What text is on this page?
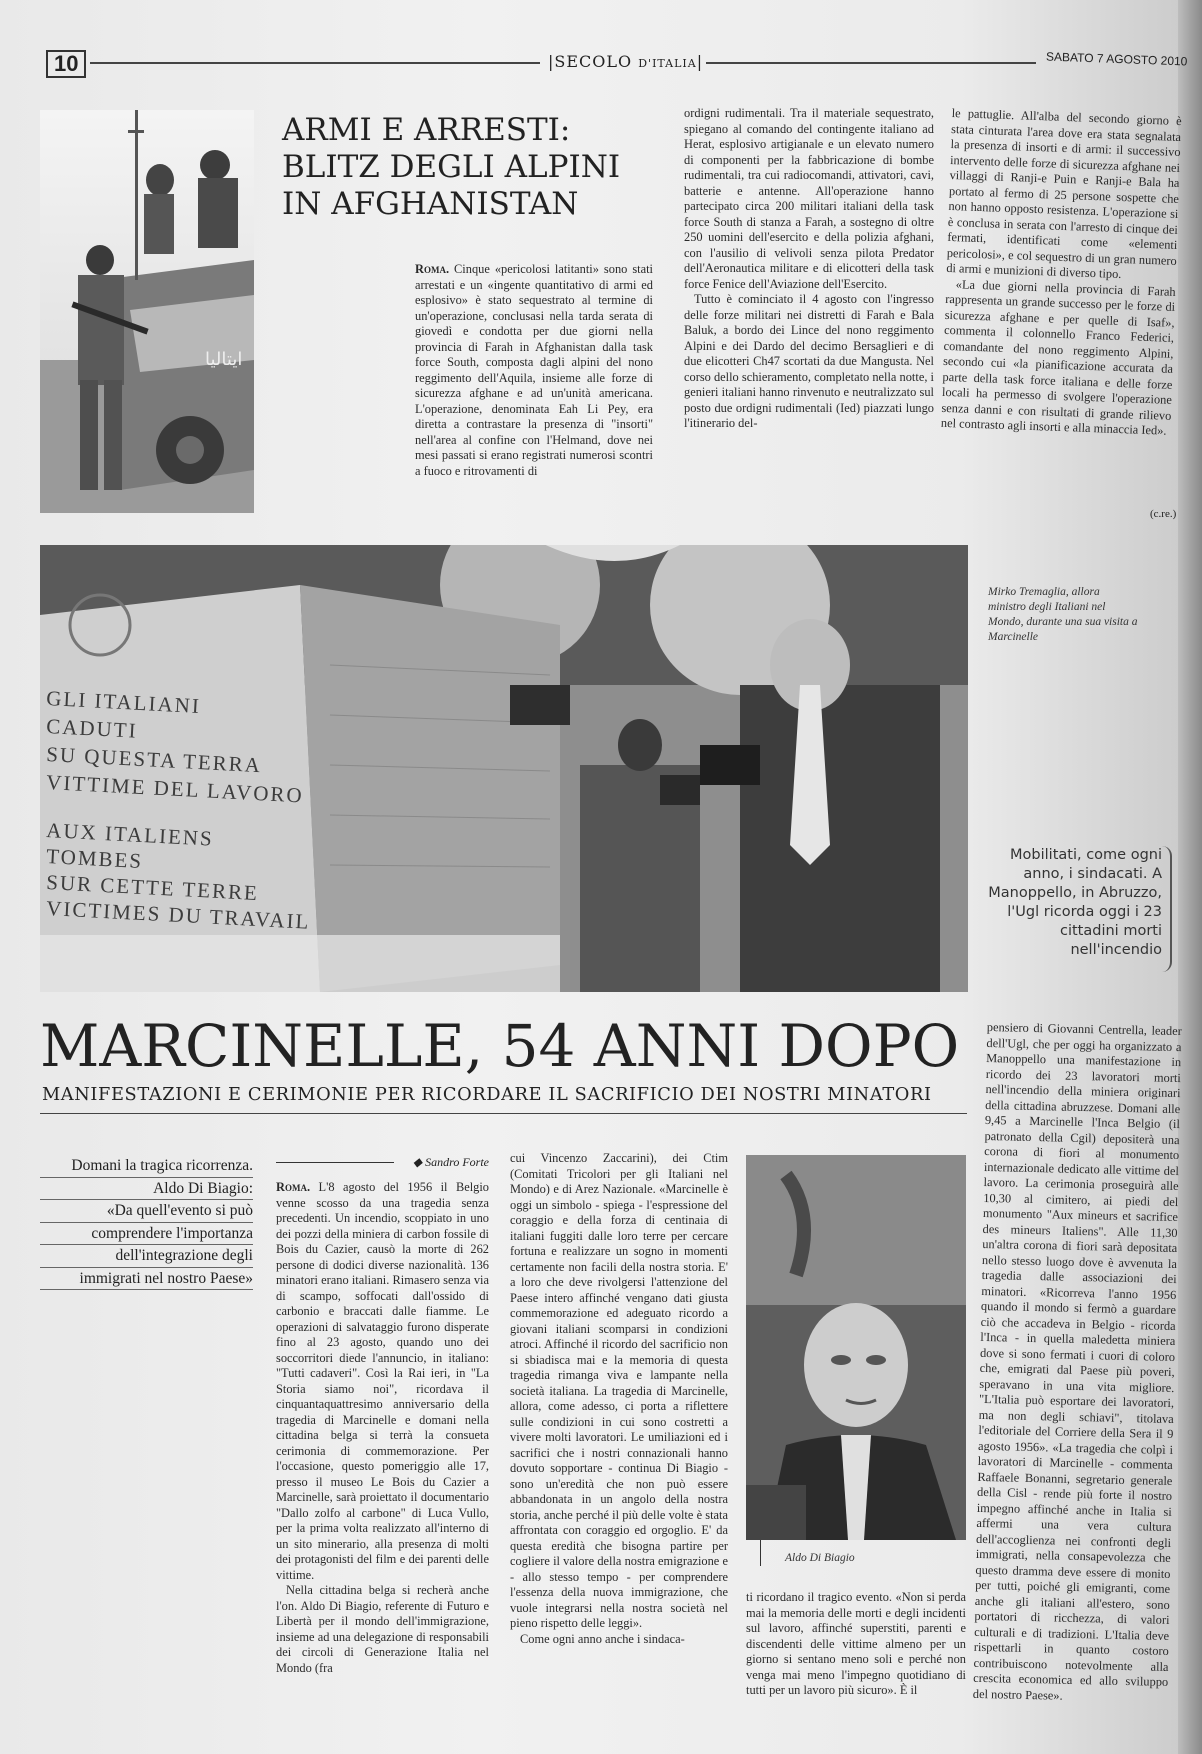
10	|SECOLO D'ITALIA|	SABATO 7 AGOSTO 2010
ايتاليا
ARMI E ARRESTI:
BLITZ DEGLI ALPINI
IN AFGHANISTAN

Roma. Cinque «pericolosi latitanti» sono stati arrestati e un «ingente quantitativo di armi ed esplosivo» è stato sequestrato al termine di un'operazione, conclusasi nella tarda serata di giovedì e condotta per due giorni nella provincia di Farah in Afghanistan dalla task force South, composta dagli alpini del nono reggimento dell'Aquila, insieme alle forze di sicurezza afghane e ad un'unità americana. L'operazione, denominata Eah Li Pey, era diretta a contrastare la presenza di "insorti" nell'area al confine con l'Helmand, dove nei mesi passati si erano registrati numerosi scontri a fuoco e ritrovamenti di

ordigni rudimentali. Tra il materiale sequestrato, spiegano al comando del contingente italiano ad Herat, esplosivo artigianale e un elevato numero di componenti per la fabbricazione di bombe rudimentali, tra cui radiocomandi, attivatori, cavi, batterie e antenne. All'operazione hanno partecipato circa 200 militari italiani della task force South di stanza a Farah, a sostegno di oltre 250 uomini dell'esercito e della polizia afghani, con l'ausilio di velivoli senza pilota Predator dell'Aeronautica militare e di elicotteri della task force Fenice dell'Aviazione dell'Esercito.

Tutto è cominciato il 4 agosto con l'ingresso delle forze militari nei distretti di Farah e Bala Baluk, a bordo dei Lince del nono reggimento Alpini e dei Dardo del decimo Bersaglieri e di due elicotteri Ch47 scortati da due Mangusta. Nel corso dello schieramento, completato nella notte, i genieri italiani hanno rinvenuto e neutralizzato sul posto due ordigni rudimentali (Ied) piazzati lungo l'itinerario del-

le pattuglie. All'alba del secondo giorno è stata cinturata l'area dove era stata segnalata la presenza di insorti e di armi: il successivo intervento delle forze di sicurezza afghane nei villaggi di Ranji-e Puin e Ranji-e Bala ha portato al fermo di 25 persone sospette che non hanno opposto resistenza. L'operazione si è conclusa in serata con l'arresto di cinque dei fermati, identificati come «elementi pericolosi», e col sequestro di un gran numero di armi e munizioni di diverso tipo.

«La due giorni nella provincia di Farah rappresenta un grande successo per le forze di sicurezza afghane e per quelle di Isaf», commenta il colonnello Franco Federici, comandante del nono reggimento Alpini, secondo cui «la pianificazione accurata da parte della task force italiana e delle forze locali ha permesso di svolgere l'operazione senza danni e con risultati di grande rilievo nel contrasto agli insorti e alla minaccia Ied».

(c.re.)
GLI ITALIANI
CADUTI
SU QUESTA TERRA
VITTIME DEL LAVORO
AUX ITALIENS
TOMBES
SUR CETTE TERRE
VICTIMES DU TRAVAIL
Mirko Tremaglia, allora ministro degli Italiani nel Mondo, durante una sua visita a Marcinelle
Mobilitati, come ogni anno, i sindacati. A Manoppello, in Abruzzo, l'Ugl ricorda oggi i 23 cittadini morti nell'incendio
MARCINELLE, 54 ANNI DOPO
MANIFESTAZIONI E CERIMONIE PER RICORDARE IL SACRIFICIO DEI NOSTRI MINATORI
Domani la tragica ricorrenza.
Aldo Di Biagio:
«Da quell'evento si può
comprendere l'importanza
dell'integrazione degli
immigrati nel nostro Paese»
◆ Sandro Forte

Roma. L'8 agosto del 1956 il Belgio venne scosso da una tragedia senza precedenti. Un incendio, scoppiato in uno dei pozzi della miniera di carbon fossile di Bois du Cazier, causò la morte di 262 persone di dodici diverse nazionalità. 136 minatori erano italiani. Rimasero senza via di scampo, soffocati dall'ossido di carbonio e braccati dalle fiamme. Le operazioni di salvataggio furono disperate fino al 23 agosto, quando uno dei soccorritori diede l'annuncio, in italiano: "Tutti cadaveri". Così la Rai ieri, in "La Storia siamo noi", ricordava il cinquantaquattresimo anniversario della tragedia di Marcinelle e domani nella cittadina belga si terrà la consueta cerimonia di commemorazione. Per l'occasione, questo pomeriggio alle 17, presso il museo Le Bois du Cazier a Marcinelle, sarà proiettato il documentario "Dallo zolfo al carbone" di Luca Vullo, per la prima volta realizzato all'interno di un sito minerario, alla presenza di molti dei protagonisti del film e dei parenti delle vittime.

Nella cittadina belga si recherà anche l'on. Aldo Di Biagio, referente di Futuro e Libertà per il mondo dell'immigrazione, insieme ad una delegazione di responsabili dei circoli di Generazione Italia nel Mondo (fra

cui Vincenzo Zaccarini), dei Ctim (Comitati Tricolori per gli Italiani nel Mondo) e di Arez Nazionale. «Marcinelle è oggi un simbolo - spiega - l'espressione del coraggio e della forza di centinaia di italiani fuggiti dalle loro terre per cercare fortuna e realizzare un sogno in momenti certamente non facili della nostra storia. E' a loro che deve rivolgersi l'attenzione del Paese intero affinché vengano dati giusta commemorazione ed adeguato ricordo a giovani italiani scomparsi in condizioni atroci. Affinché il ricordo del sacrificio non si sbiadisca mai e la memoria di questa tragedia rimanga viva e lampante nella società italiana. La tragedia di Marcinelle, allora, come adesso, ci porta a riflettere sulle condizioni in cui sono costretti a vivere molti lavoratori. Le umiliazioni ed i sacrifici che i nostri connazionali hanno dovuto sopportare - continua Di Biagio - sono un'eredità che non può essere abbandonata in un angolo della nostra storia, anche perché il più delle volte è stata affrontata con coraggio ed orgoglio. E' da questa eredità che bisogna partire per cogliere il valore della nostra emigrazione e - allo stesso tempo - per comprendere l'essenza della nuova immigrazione, che vuole integrarsi nella nostra società nel pieno rispetto delle leggi».

Come ogni anno anche i sindaca-

Aldo Di Biagio

ti ricordano il tragico evento. «Non si perda mai la memoria delle morti e degli incidenti sul lavoro, affinché superstiti, parenti e discendenti delle vittime almeno per un giorno si sentano meno soli e perché non venga mai meno l'impegno quotidiano di tutti per un lavoro più sicuro». È il

pensiero di Giovanni Centrella, leader dell'Ugl, che per oggi ha organizzato a Manoppello una manifestazione in ricordo dei 23 lavoratori morti nell'incendio della miniera originari della cittadina abruzzese. Domani alle 9,45 a Marcinelle l'Inca Belgio (il patronato della Cgil) depositerà una corona di fiori al monumento internazionale dedicato alle vittime del lavoro. La cerimonia proseguirà alle 10,30 al cimitero, ai piedi del monumento "Aux mineurs et sacrifice des mineurs Italiens". Alle 11,30 un'altra corona di fiori sarà depositata nello stesso luogo dove è avvenuta la tragedia dalle associazioni dei minatori. «Ricorreva l'anno 1956 quando il mondo si fermò a guardare ciò che accadeva in Belgio - ricorda l'Inca - in quella maledetta miniera dove si sono fermati i cuori di coloro che, emigrati dal Paese più poveri, speravano in una vita migliore. "L'Italia può esportare dei lavoratori, ma non degli schiavi", titolava l'editoriale del Corriere della Sera il 9 agosto 1956». «La tragedia che colpì i lavoratori di Marcinelle - commenta Raffaele Bonanni, segretario generale della Cisl - rende più forte il nostro impegno affinché anche in Italia si affermi una vera cultura dell'accoglienza nei confronti degli immigrati, nella consapevolezza che questo dramma deve essere di monito per tutti, poiché gli emigranti, come anche gli italiani all'estero, sono portatori di ricchezza, di valori culturali e di tradizioni. L'Italia deve rispettarli in quanto costoro contribuiscono notevolmente alla crescita economica ed allo sviluppo del nostro Paese».
